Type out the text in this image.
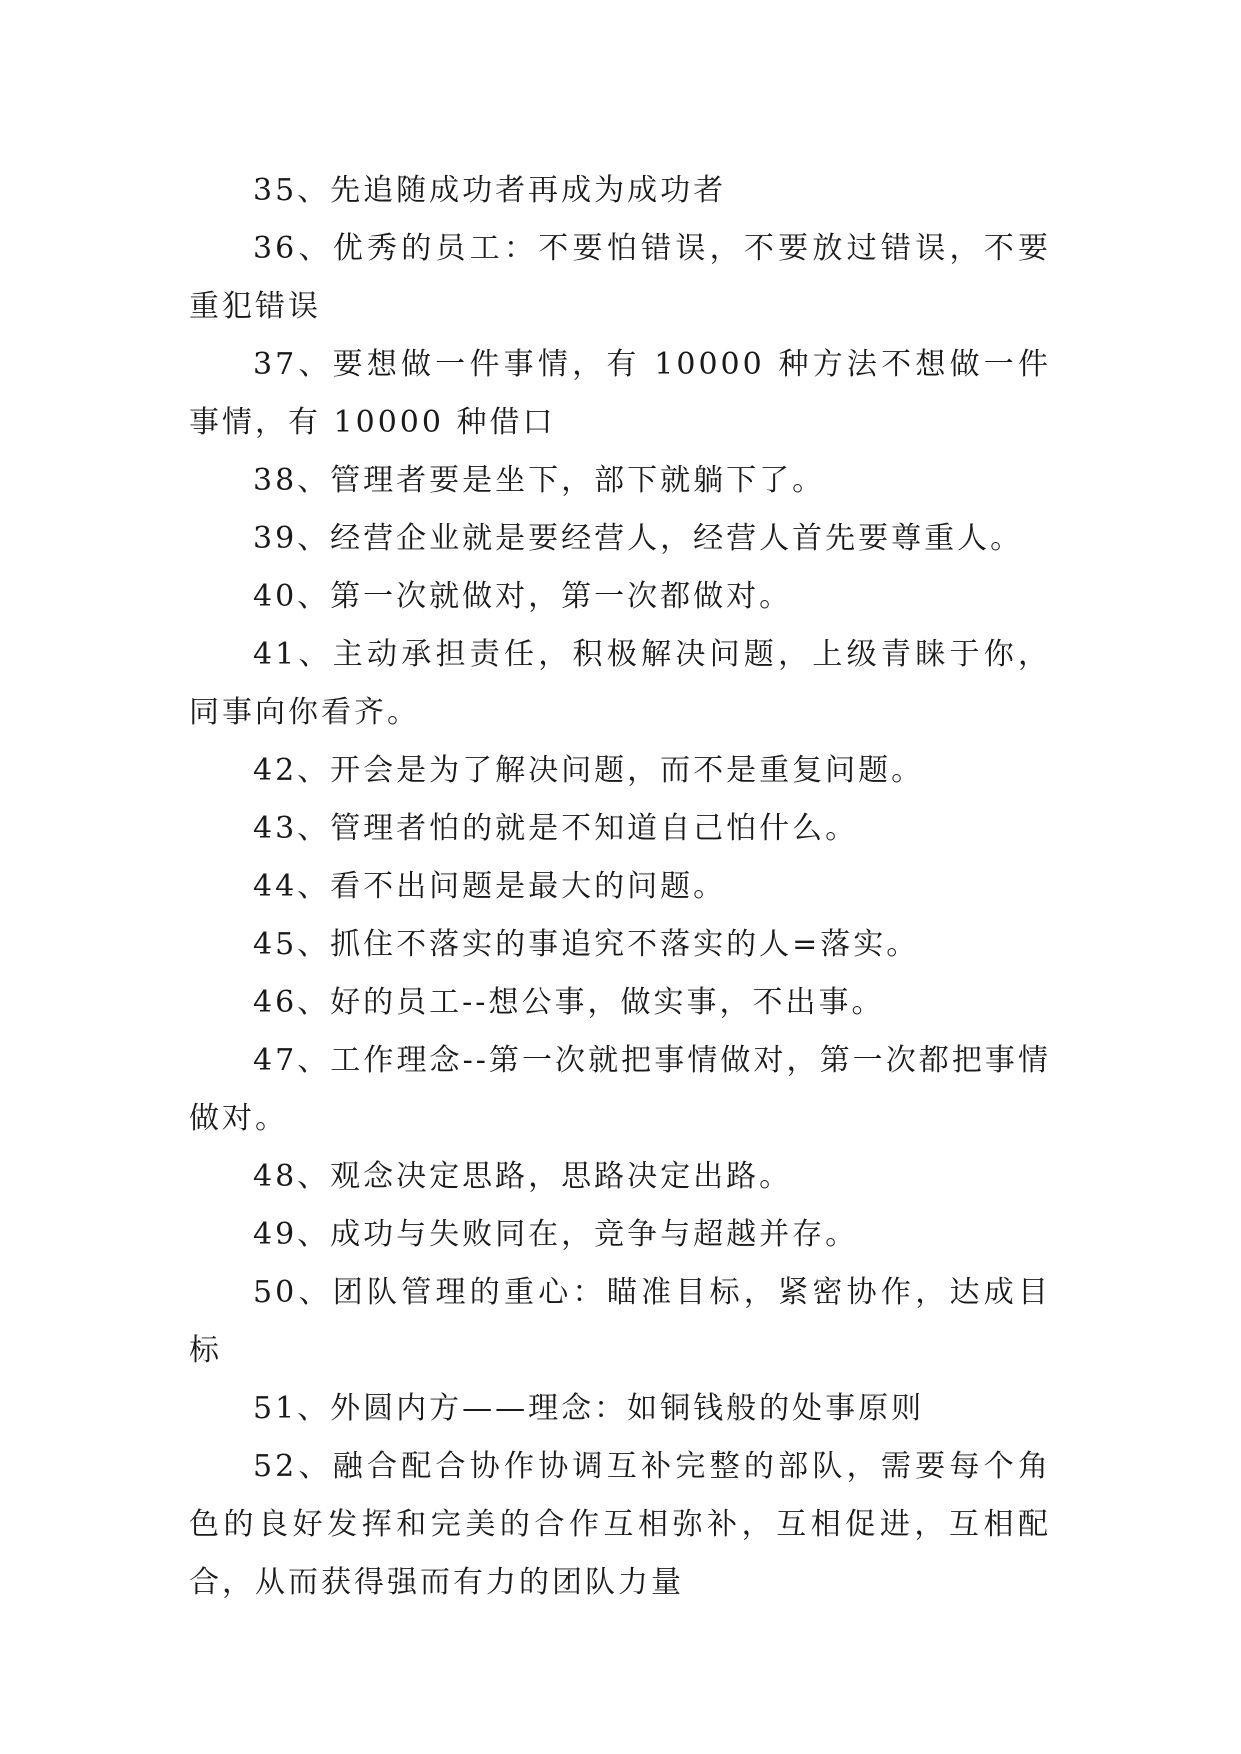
35、先追随成功者再成为成功者

36、优秀的员工：不要怕错误，不要放过错误，不要重犯错误

37、要想做一件事情，有 10000 种方法不想做一件事情，有 10000 种借口

38、管理者要是坐下，部下就躺下了。

39、经营企业就是要经营人，经营人首先要尊重人。

40、第一次就做对，第一次都做对。

41、主动承担责任，积极解决问题，上级青睐于你，同事向你看齐。

42、开会是为了解决问题，而不是重复问题。

43、管理者怕的就是不知道自己怕什么。

44、看不出问题是最大的问题。

45、抓住不落实的事追究不落实的人=落实。

46、好的员工--想公事，做实事，不出事。

47、工作理念--第一次就把事情做对，第一次都把事情做对。

48、观念决定思路，思路决定出路。

49、成功与失败同在，竞争与超越并存。

50、团队管理的重心：瞄准目标，紧密协作，达成目标

51、外圆内方——理念：如铜钱般的处事原则

52、融合配合协作协调互补完整的部队，需要每个角色的良好发挥和完美的合作互相弥补，互相促进，互相配合，从而获得强而有力的团队力量
